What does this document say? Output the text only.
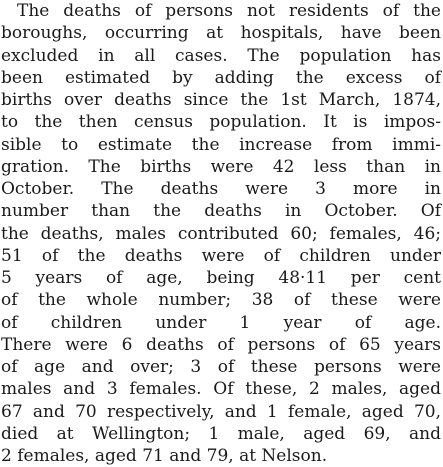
The deaths of persons not residents of the
boroughs, occurring at hospitals, have been
excluded in all cases. The population has
been estimated by adding the excess of
births over deaths since the 1st March, 1874,
to the then census population. It is impos-
sible to estimate the increase from immi-
gration. The births were 42 less than in
October. The deaths were 3 more in
number than the deaths in October. Of
the deaths, males contributed 60; females, 46;
51 of the deaths were of children under
5 years of age, being 48·11 per cent
of the whole number; 38 of these were
of children under 1 year of age.
There were 6 deaths of persons of 65 years
of age and over; 3 of these persons were
males and 3 females. Of these, 2 males, aged
67 and 70 respectively, and 1 female, aged 70,
died at Wellington; 1 male, aged 69, and
2 females, aged 71 and 79, at Nelson.
